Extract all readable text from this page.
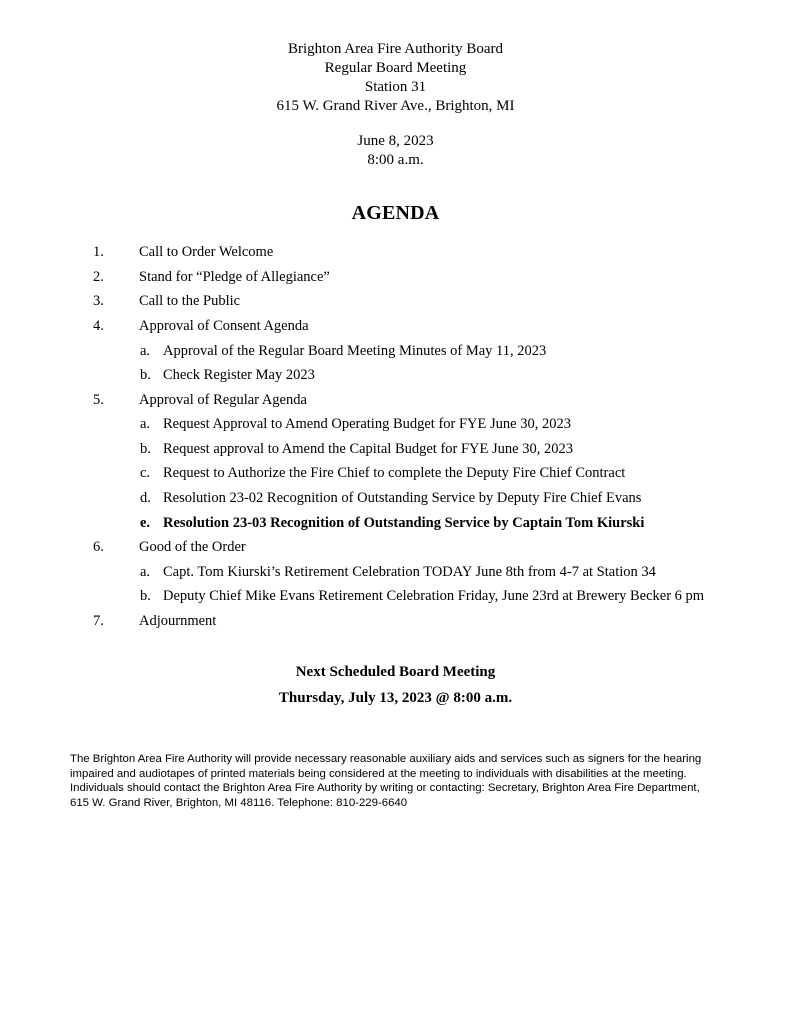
Brighton Area Fire Authority Board
Regular Board Meeting
Station 31
615 W. Grand River Ave., Brighton, MI
June 8, 2023
8:00 a.m.
AGENDA
1. Call to Order Welcome
2. Stand for “Pledge of Allegiance”
3. Call to the Public
4. Approval of Consent Agenda
a. Approval of the Regular Board Meeting Minutes of May 11, 2023
b. Check Register May 2023
5. Approval of Regular Agenda
a. Request Approval to Amend Operating Budget for FYE June 30, 2023
b. Request approval to Amend the Capital Budget for FYE June 30, 2023
c. Request to Authorize the Fire Chief to complete the Deputy Fire Chief Contract
d. Resolution 23-02 Recognition of Outstanding Service by Deputy Fire Chief Evans
e. Resolution 23-03 Recognition of Outstanding Service by Captain Tom Kiurski
6. Good of the Order
a. Capt. Tom Kiurski’s Retirement Celebration TODAY June 8th from 4-7 at Station 34
b. Deputy Chief Mike Evans Retirement Celebration Friday, June 23rd at Brewery Becker 6 pm
7. Adjournment
Next Scheduled Board Meeting
Thursday, July 13, 2023 @ 8:00 a.m.
The Brighton Area Fire Authority will provide necessary reasonable auxiliary aids and services such as signers for the hearing
impaired and audiotapes of printed materials being considered at the meeting to individuals with disabilities at the meeting.
Individuals should contact the Brighton Area Fire Authority by writing or contacting: Secretary, Brighton Area Fire Department,
615 W. Grand River, Brighton, MI 48116. Telephone: 810-229-6640
